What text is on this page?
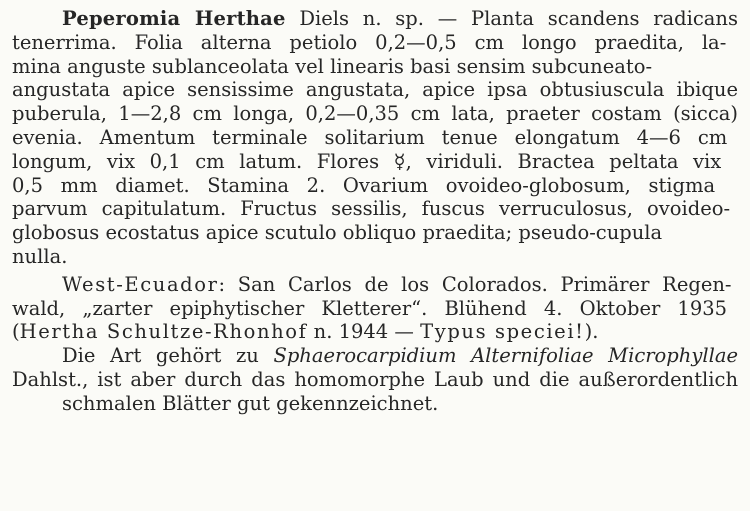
Peperomia Herthae Diels n. sp. — Planta scandens radicans
tenerrima. Folia alterna petiolo 0,2—0,5 cm longo praedita, la-
mina anguste sublanceolata vel linearis basi sensim subcuneato-
angustata apice sensissime angustata, apice ipsa obtusiuscula ibique
puberula, 1—2,8 cm longa, 0,2—0,35 cm lata, praeter costam (sicca)
evenia. Amentum terminale solitarium tenue elongatum 4—6 cm
longum, vix 0,1 cm latum. Flores ☿, viriduli. Bractea peltata vix
0,5 mm diamet. Stamina 2. Ovarium ovoideo-globosum, stigma
parvum capitulatum. Fructus sessilis, fuscus verruculosus, ovoideo-
globosus ecostatus apice scutulo obliquo praedita; pseudo-cupula
nulla.
West-Ecuador: San Carlos de los Colorados. Primärer Regen-
wald, „zarter epiphytischer Kletterer“. Blühend 4. Oktober 1935
(Hertha Schultze-Rhonhof n. 1944 — Typus speciei!).
Die Art gehört zu Sphaerocarpidium Alternifoliae Microphyllae
Dahlst., ist aber durch das homomorphe Laub und die außerordentlich
schmalen Blätter gut gekennzeichnet.
